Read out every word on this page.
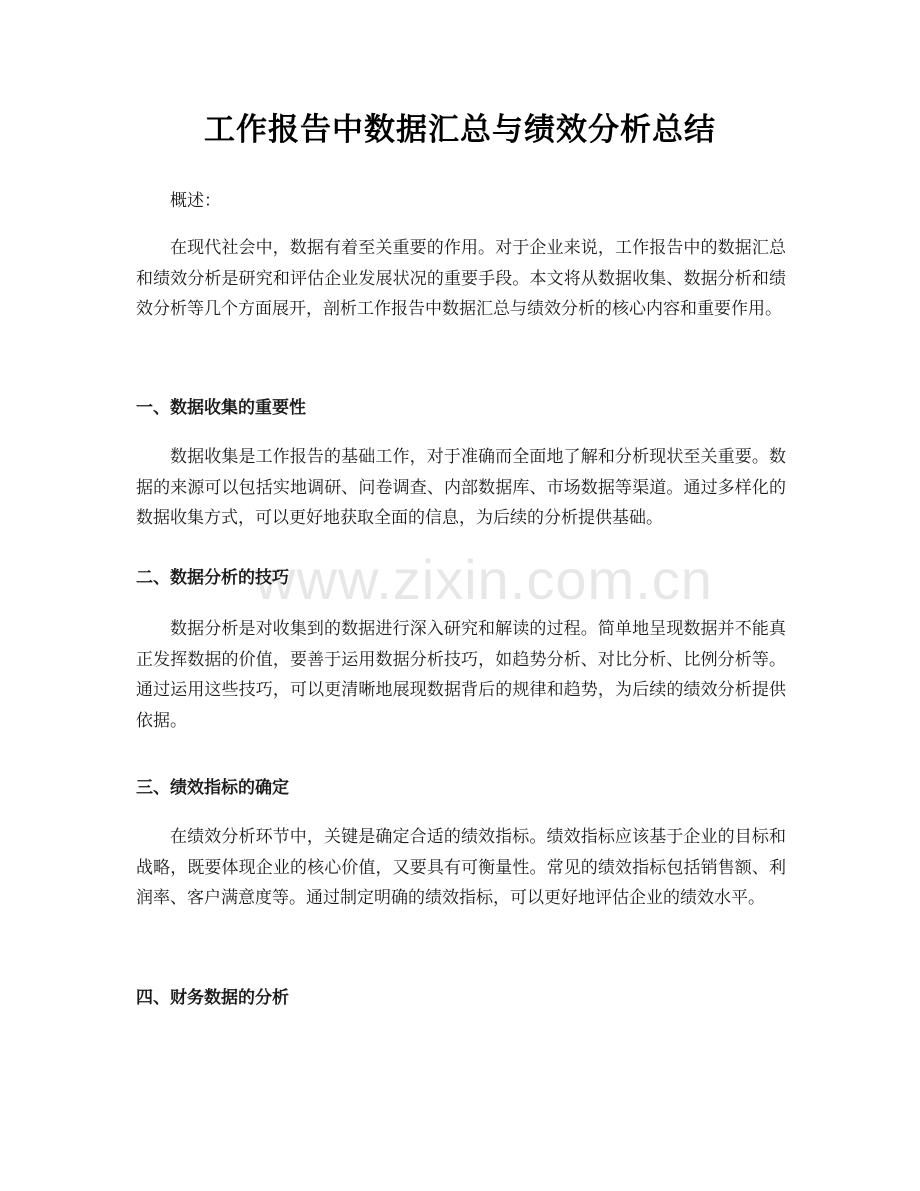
工作报告中数据汇总与绩效分析总结
概述：
在现代社会中，数据有着至关重要的作用。对于企业来说，工作报告中的数据汇总和绩效分析是研究和评估企业发展状况的重要手段。本文将从数据收集、数据分析和绩效分析等几个方面展开，剖析工作报告中数据汇总与绩效分析的核心内容和重要作用。
一、数据收集的重要性
数据收集是工作报告的基础工作，对于准确而全面地了解和分析现状至关重要。数据的来源可以包括实地调研、问卷调查、内部数据库、市场数据等渠道。通过多样化的数据收集方式，可以更好地获取全面的信息，为后续的分析提供基础。
二、数据分析的技巧
数据分析是对收集到的数据进行深入研究和解读的过程。简单地呈现数据并不能真正发挥数据的价值，要善于运用数据分析技巧，如趋势分析、对比分析、比例分析等。通过运用这些技巧，可以更清晰地展现数据背后的规律和趋势，为后续的绩效分析提供依据。
三、绩效指标的确定
在绩效分析环节中，关键是确定合适的绩效指标。绩效指标应该基于企业的目标和战略，既要体现企业的核心价值，又要具有可衡量性。常见的绩效指标包括销售额、利润率、客户满意度等。通过制定明确的绩效指标，可以更好地评估企业的绩效水平。
四、财务数据的分析
www.zixin.com.cn
